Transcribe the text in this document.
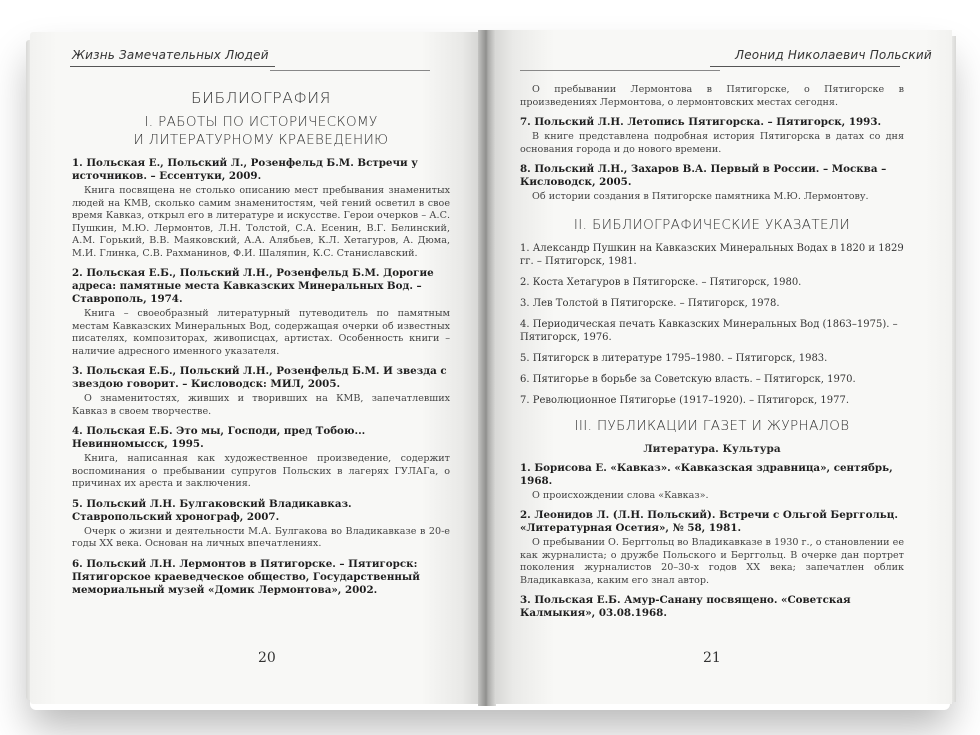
Жизнь Замечательных Людей	Леонид Николаевич Польский
БИБЛИОГРАФИЯ
I. РАБОТЫ ПО ИСТОРИЧЕСКОМУ
И ЛИТЕРАТУРНОМУ КРАЕВЕДЕНИЮ

1. Польская Е., Польский Л., Розенфельд Б.М. Встречи у источников. – Ессентуки, 2009.

Книга посвящена не столько описанию мест пребывания знаменитых людей на КМВ, сколько самим знаменитостям, чей гений осветил в свое время Кавказ, открыл его в литературе и искусстве. Герои очерков – А.С. Пушкин, М.Ю. Лермонтов, Л.Н. Толстой, С.А. Есенин, В.Г. Белинский, А.М. Горький, В.В. Маяковский, А.А. Алябьев, К.Л. Хетагуров, А. Дюма, М.И. Глинка, С.В. Рахманинов, Ф.И. Шаляпин, К.С. Станиславский.

2. Польская Е.Б., Польский Л.Н., Розенфельд Б.М. Дорогие адреса: памятные места Кавказских Минеральных Вод. – Ставрополь, 1974.

Книга – своеобразный литературный путеводитель по памятным местам Кавказских Минеральных Вод, содержащая очерки об известных писателях, композиторах, живописцах, артистах. Особенность книги – наличие адресного именного указателя.

3. Польская Е.Б., Польский Л.Н., Розенфельд Б.М. И звезда с звездою говорит. – Кисловодск: МИЛ, 2005.

О знаменитостях, живших и творивших на КМВ, запечатлевших Кавказ в своем творчестве.

4. Польская Е.Б. Это мы, Господи, пред Тобою... Невинномысск, 1995.

Книга, написанная как художественное произведение, содержит воспоминания о пребывании супругов Польских в лагерях ГУЛАГа, о причинах их ареста и заключения.

5. Польский Л.Н. Булгаковский Владикавказ. Ставропольский хронограф, 2007.

Очерк о жизни и деятельности М.А. Булгакова во Владикавказе в 20-е годы XX века. Основан на личных впечатлениях.

6. Польский Л.Н. Лермонтов в Пятигорске. – Пятигорск: Пятигорское краеведческое общество, Государственный мемориальный музей «Домик Лермонтова», 2002.

О пребывании Лермонтова в Пятигорске, о Пятигорске в произведениях Лермонтова, о лермонтовских местах сегодня.

7. Польский Л.Н. Летопись Пятигорска. – Пятигорск, 1993.

В книге представлена подробная история Пятигорска в датах со дня основания города и до нового времени.

8. Польский Л.Н., Захаров В.А. Первый в России. – Москва – Кисловодск, 2005.

Об истории создания в Пятигорске памятника М.Ю. Лермонтову.

II. БИБЛИОГРАФИЧЕСКИЕ УКАЗАТЕЛИ

1. Александр Пушкин на Кавказских Минеральных Водах в 1820 и 1829 гг. – Пятигорск, 1981.

2. Коста Хетагуров в Пятигорске. – Пятигорск, 1980.

3. Лев Толстой в Пятигорске. – Пятигорск, 1978.

4. Периодическая печать Кавказских Минеральных Вод (1863–1975). – Пятигорск, 1976.

5. Пятигорск в литературе 1795–1980. – Пятигорск, 1983.

6. Пятигорье в борьбе за Советскую власть. – Пятигорск, 1970.

7. Революционное Пятигорье (1917–1920). – Пятигорск, 1977.

III. ПУБЛИКАЦИИ ГАЗЕТ И ЖУРНАЛОВ
Литература. Культура

1. Борисова Е. «Кавказ». «Кавказская здравница», сентябрь, 1968.

О происхождении слова «Кавказ».

2. Леонидов Л. (Л.Н. Польский). Встречи с Ольгой Берггольц. «Литературная Осетия», № 58, 1981.

О пребывании О. Берггольц во Владикавказе в 1930 г., о становлении ее как журналиста; о дружбе Польского и Берггольц. В очерке дан портрет поколения журналистов 20–30-х годов XX века; запечатлен облик Владикавказа, каким его знал автор.

3. Польская Е.Б. Амур-Санану посвящено. «Советская Калмыкия», 03.08.1968.

20	21
